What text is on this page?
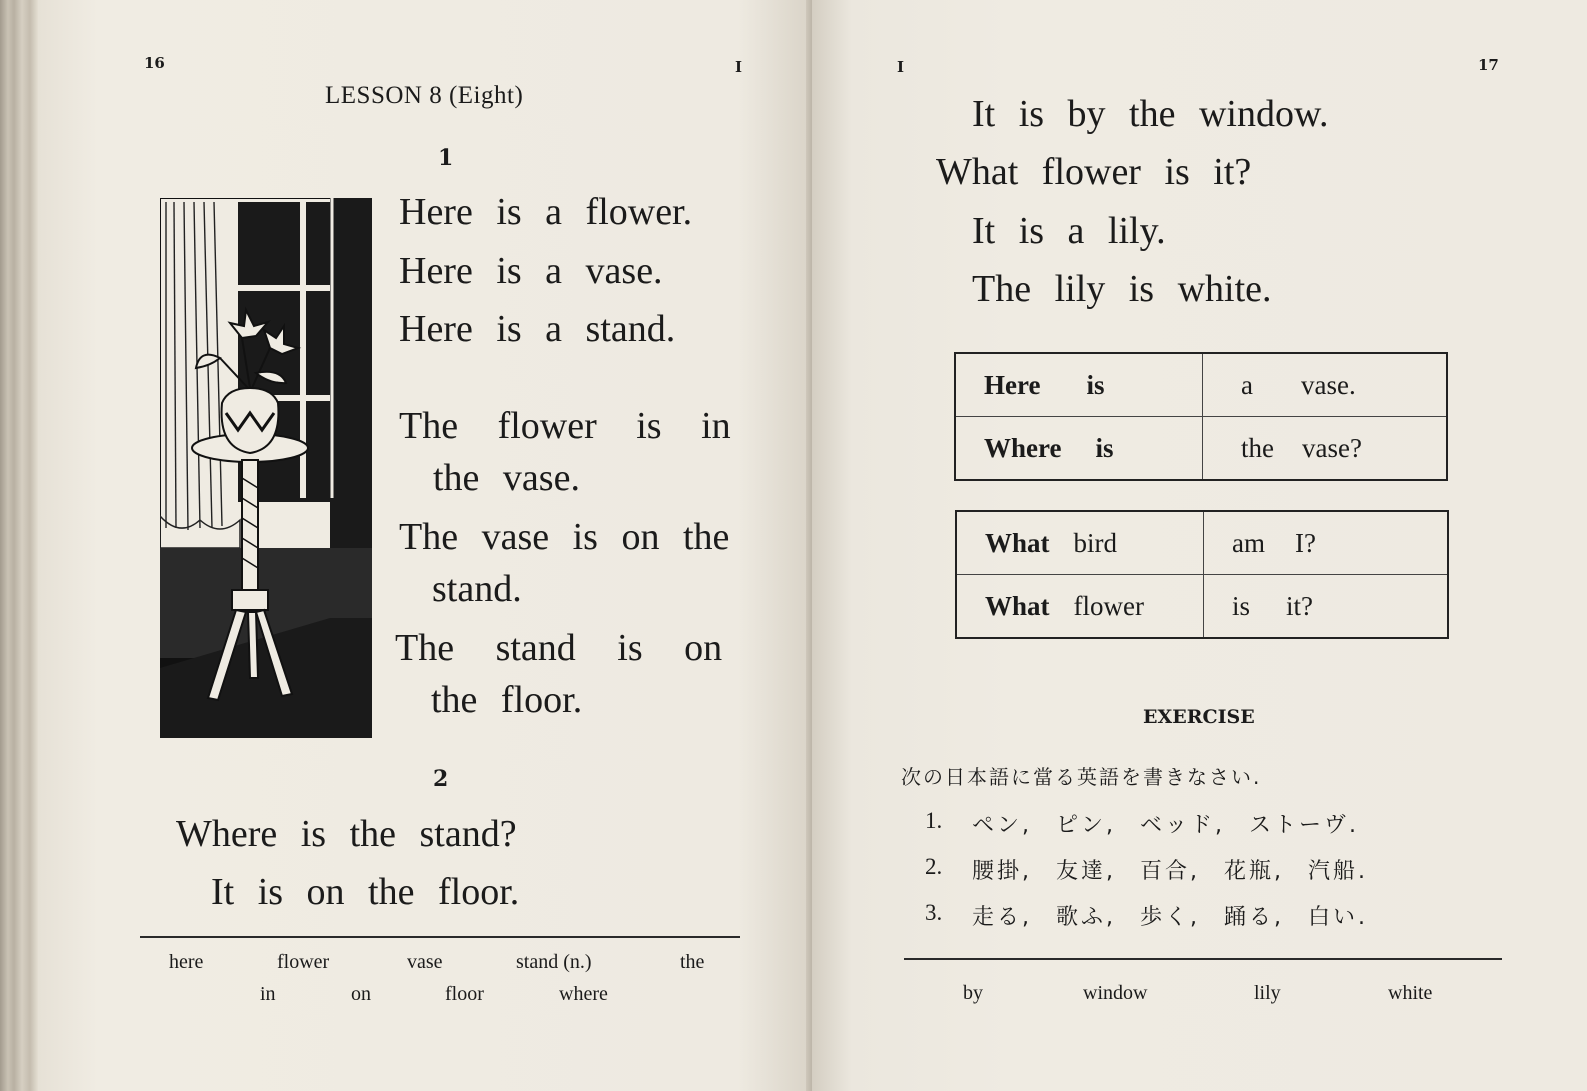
16	I
LESSON 8 (Eight)
1
Here is a flower.
Here is a vase.
Here is a stand.
The flower is in
the vase.
The vase is on the
stand.
The stand is on
the floor.
2
Where is the stand?
It is on the floor.
here	flower	vase	stand (n.)	the
in	on	floor	where
I	17
It is by the window.
What flower is it?
It is a lily.
The lily is white.
Here is	a vase.
Where is	the vase?
What bird	am I?
What flower	is it?
EXERCISE
次の日本語に當る英語を書きなさい.
1. ペン, ピン, ベッド, ストーヴ.
2. 腰掛, 友達, 百合, 花瓶, 汽船.
3. 走る, 歌ふ, 歩く, 踊る, 白い.
by	window	lily	white
